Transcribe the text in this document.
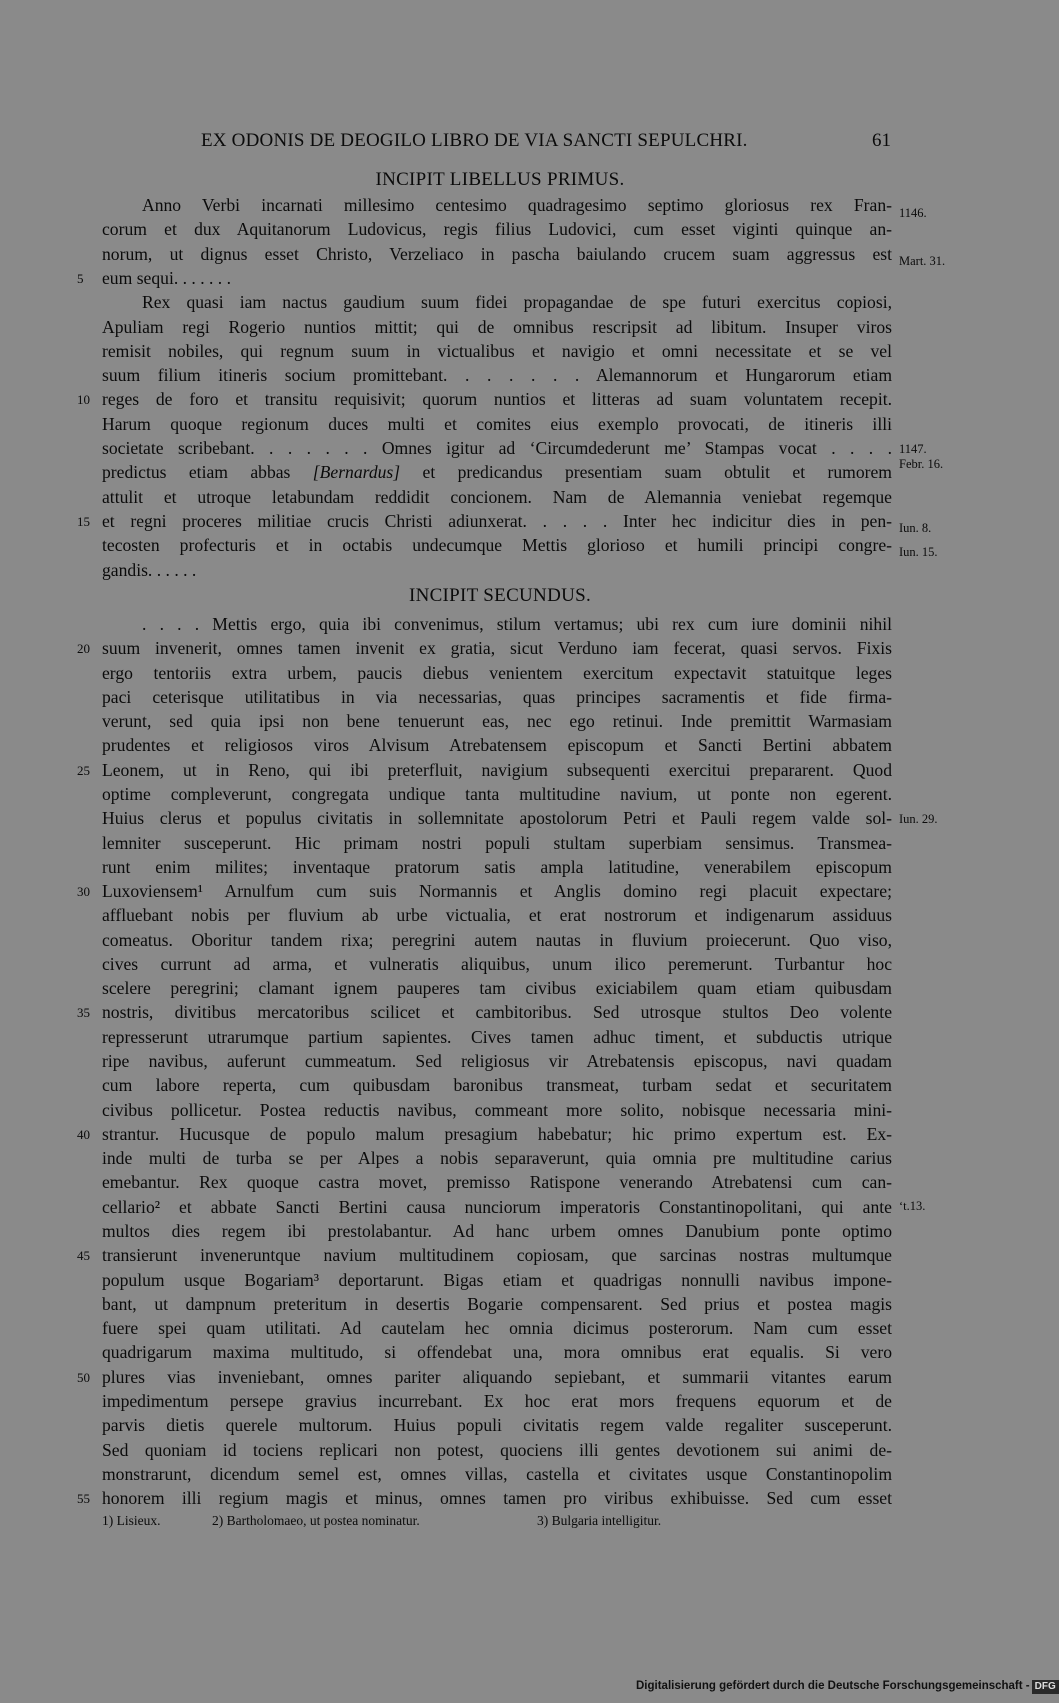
EX ODONIS DE DEOGILO LIBRO DE VIA SANCTI SEPULCHRI.	61
INCIPIT LIBELLUS PRIMUS.
INCIPIT SECUNDUS.
Anno Verbi incarnati millesimo centesimo quadragesimo septimo gloriosus rex Fran-
corum et dux Aquitanorum Ludovicus, regis filius Ludovici, cum esset viginti quinque an-
norum, ut dignus esset Christo, Verzeliaco in pascha baiulando crucem suam aggressus est
eum sequi. . . . . . .
Rex quasi iam nactus gaudium suum fidei propagandae de spe futuri exercitus copiosi,
Apuliam regi Rogerio nuntios mittit; qui de omnibus rescripsit ad libitum. Insuper viros
remisit nobiles, qui regnum suum in victualibus et navigio et omni necessitate et se vel
suum filium itineris socium promittebant. . . . . . . Alemannorum et Hungarorum etiam
reges de foro et transitu requisivit; quorum nuntios et litteras ad suam voluntatem recepit.
Harum quoque regionum duces multi et comites eius exemplo provocati, de itineris illi
societate scribebant. . . . . . . Omnes igitur ad ‘Circumdederunt me’ Stampas vocat . . . .
predictus etiam abbas [Bernardus] et predicandus presentiam suam obtulit et rumorem
attulit et utroque letabundam reddidit concionem. Nam de Alemannia veniebat regemque
et regni proceres militiae crucis Christi adiunxerat. . . . . Inter hec indicitur dies in pen-
tecosten profecturis et in octabis undecumque Mettis glorioso et humili principi congre-
gandis. . . . . .
. . . . Mettis ergo, quia ibi convenimus, stilum vertamus; ubi rex cum iure dominii nihil
suum invenerit, omnes tamen invenit ex gratia, sicut Verduno iam fecerat, quasi servos. Fixis
ergo tentoriis extra urbem, paucis diebus venientem exercitum expectavit statuitque leges
paci ceterisque utilitatibus in via necessarias, quas principes sacramentis et fide firma-
verunt, sed quia ipsi non bene tenuerunt eas, nec ego retinui. Inde premittit Warmasiam
prudentes et religiosos viros Alvisum Atrebatensem episcopum et Sancti Bertini abbatem
Leonem, ut in Reno, qui ibi preterfluit, navigium subsequenti exercitui prepararent. Quod
optime compleverunt, congregata undique tanta multitudine navium, ut ponte non egerent.
Huius clerus et populus civitatis in sollemnitate apostolorum Petri et Pauli regem valde sol-
lemniter susceperunt. Hic primam nostri populi stultam superbiam sensimus. Transmea-
runt enim milites; inventaque pratorum satis ampla latitudine, venerabilem episcopum
Luxoviensem¹ Arnulfum cum suis Normannis et Anglis domino regi placuit expectare;
affluebant nobis per fluvium ab urbe victualia, et erat nostrorum et indigenarum assiduus
comeatus. Oboritur tandem rixa; peregrini autem nautas in fluvium proiecerunt. Quo viso,
cives currunt ad arma, et vulneratis aliquibus, unum ilico peremerunt. Turbantur hoc
scelere peregrini; clamant ignem pauperes tam civibus exiciabilem quam etiam quibusdam
nostris, divitibus mercatoribus scilicet et cambitoribus. Sed utrosque stultos Deo volente
represserunt utrarumque partium sapientes. Cives tamen adhuc timent, et subductis utrique
ripe navibus, auferunt cummeatum. Sed religiosus vir Atrebatensis episcopus, navi quadam
cum labore reperta, cum quibusdam baronibus transmeat, turbam sedat et securitatem
civibus pollicetur. Postea reductis navibus, commeant more solito, nobisque necessaria mini-
strantur. Hucusque de populo malum presagium habebatur; hic primo expertum est. Ex-
inde multi de turba se per Alpes a nobis separaverunt, quia omnia pre multitudine carius
emebantur. Rex quoque castra movet, premisso Ratispone venerando Atrebatensi cum can-
cellario² et abbate Sancti Bertini causa nunciorum imperatoris Constantinopolitani, qui ante
multos dies regem ibi prestolabantur. Ad hanc urbem omnes Danubium ponte optimo
transierunt inveneruntque navium multitudinem copiosam, que sarcinas nostras multumque
populum usque Bogariam³ deportarunt. Bigas etiam et quadrigas nonnulli navibus impone-
bant, ut dampnum preteritum in desertis Bogarie compensarent. Sed prius et postea magis
fuere spei quam utilitati. Ad cautelam hec omnia dicimus posterorum. Nam cum esset
quadrigarum maxima multitudo, si offendebat una, mora omnibus erat equalis. Si vero
plures vias inveniebant, omnes pariter aliquando sepiebant, et summarii vitantes earum
impedimentum persepe gravius incurrebant. Ex hoc erat mors frequens equorum et de
parvis dietis querele multorum. Huius populi civitatis regem valde regaliter susceperunt.
Sed quoniam id tociens replicari non potest, quociens illi gentes devotionem sui animi de-
monstrarunt, dicendum semel est, omnes villas, castella et civitates usque Constantinopolim
honorem illi regium magis et minus, omnes tamen pro viribus exhibuisse. Sed cum esset
5
10
15
20
25
30
35
40
45
50
55
1146.
Mart. 31.
1147.
Febr. 16.
Iun. 8.
Iun. 15.
Iun. 29.
‘t.13.
1) Lisieux.	2) Bartholomaeo, ut postea nominatur.	3) Bulgaria intelligitur.
Digitalisierung gefördert durch die Deutsche Forschungsgemeinschaft - DFG
